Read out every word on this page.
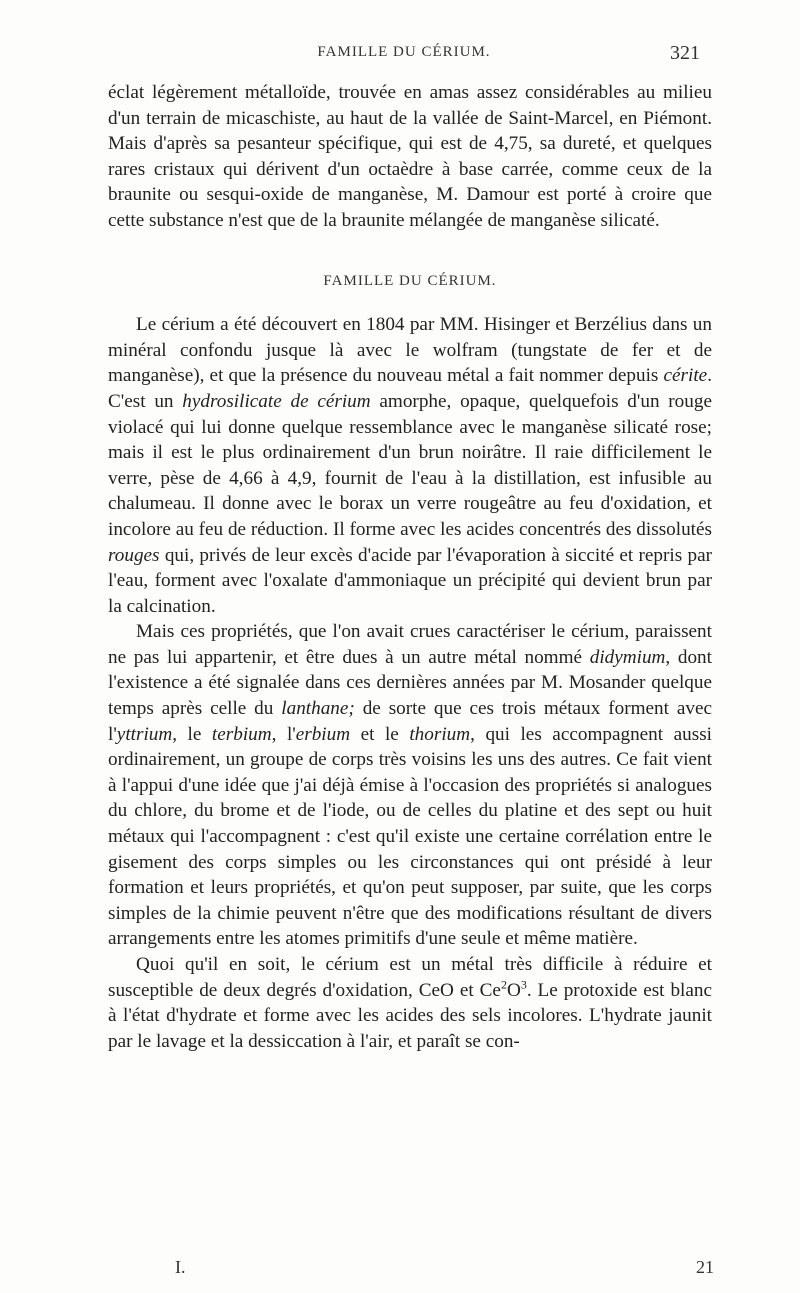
FAMILLE DU CÉRIUM.	321

éclat légèrement métalloïde, trouvée en amas assez considérables au milieu d'un terrain de micaschiste, au haut de la vallée de Saint-Marcel, en Piémont. Mais d'après sa pesanteur spécifique, qui est de 4,75, sa dureté, et quelques rares cristaux qui dérivent d'un octaèdre à base carrée, comme ceux de la braunite ou sesqui-oxide de manganèse, M. Damour est porté à croire que cette substance n'est que de la braunite mélangée de manganèse silicaté.

FAMILLE DU CÉRIUM.

Le cérium a été découvert en 1804 par MM. Hisinger et Berzélius dans un minéral confondu jusque là avec le wolfram (tungstate de fer et de manganèse), et que la présence du nouveau métal a fait nommer depuis cérite. C'est un hydrosilicate de cérium amorphe, opaque, quelquefois d'un rouge violacé qui lui donne quelque ressemblance avec le manganèse silicaté rose; mais il est le plus ordinairement d'un brun noirâtre. Il raie difficilement le verre, pèse de 4,66 à 4,9, fournit de l'eau à la distillation, est infusible au chalumeau. Il donne avec le borax un verre rougeâtre au feu d'oxidation, et incolore au feu de réduction. Il forme avec les acides concentrés des dissolutés rouges qui, privés de leur excès d'acide par l'évaporation à siccité et repris par l'eau, forment avec l'oxalate d'ammoniaque un précipité qui devient brun par la calcination.

Mais ces propriétés, que l'on avait crues caractériser le cérium, paraissent ne pas lui appartenir, et être dues à un autre métal nommé didymium, dont l'existence a été signalée dans ces dernières années par M. Mosander quelque temps après celle du lanthane; de sorte que ces trois métaux forment avec l'yttrium, le terbium, l'erbium et le thorium, qui les accompagnent aussi ordinairement, un groupe de corps très voisins les uns des autres. Ce fait vient à l'appui d'une idée que j'ai déjà émise à l'occasion des propriétés si analogues du chlore, du brome et de l'iode, ou de celles du platine et des sept ou huit métaux qui l'accompagnent : c'est qu'il existe une certaine corrélation entre le gisement des corps simples ou les circonstances qui ont présidé à leur formation et leurs propriétés, et qu'on peut supposer, par suite, que les corps simples de la chimie peuvent n'être que des modifications résultant de divers arrangements entre les atomes primitifs d'une seule et même matière.

Quoi qu'il en soit, le cérium est un métal très difficile à réduire et susceptible de deux degrés d'oxidation, CeO et $Ce^2O^3$. Le protoxide est blanc à l'état d'hydrate et forme avec les acides des sels incolores. L'hydrate jaunit par le lavage et la dessiccation à l'air, et paraît se con-

I.	21
